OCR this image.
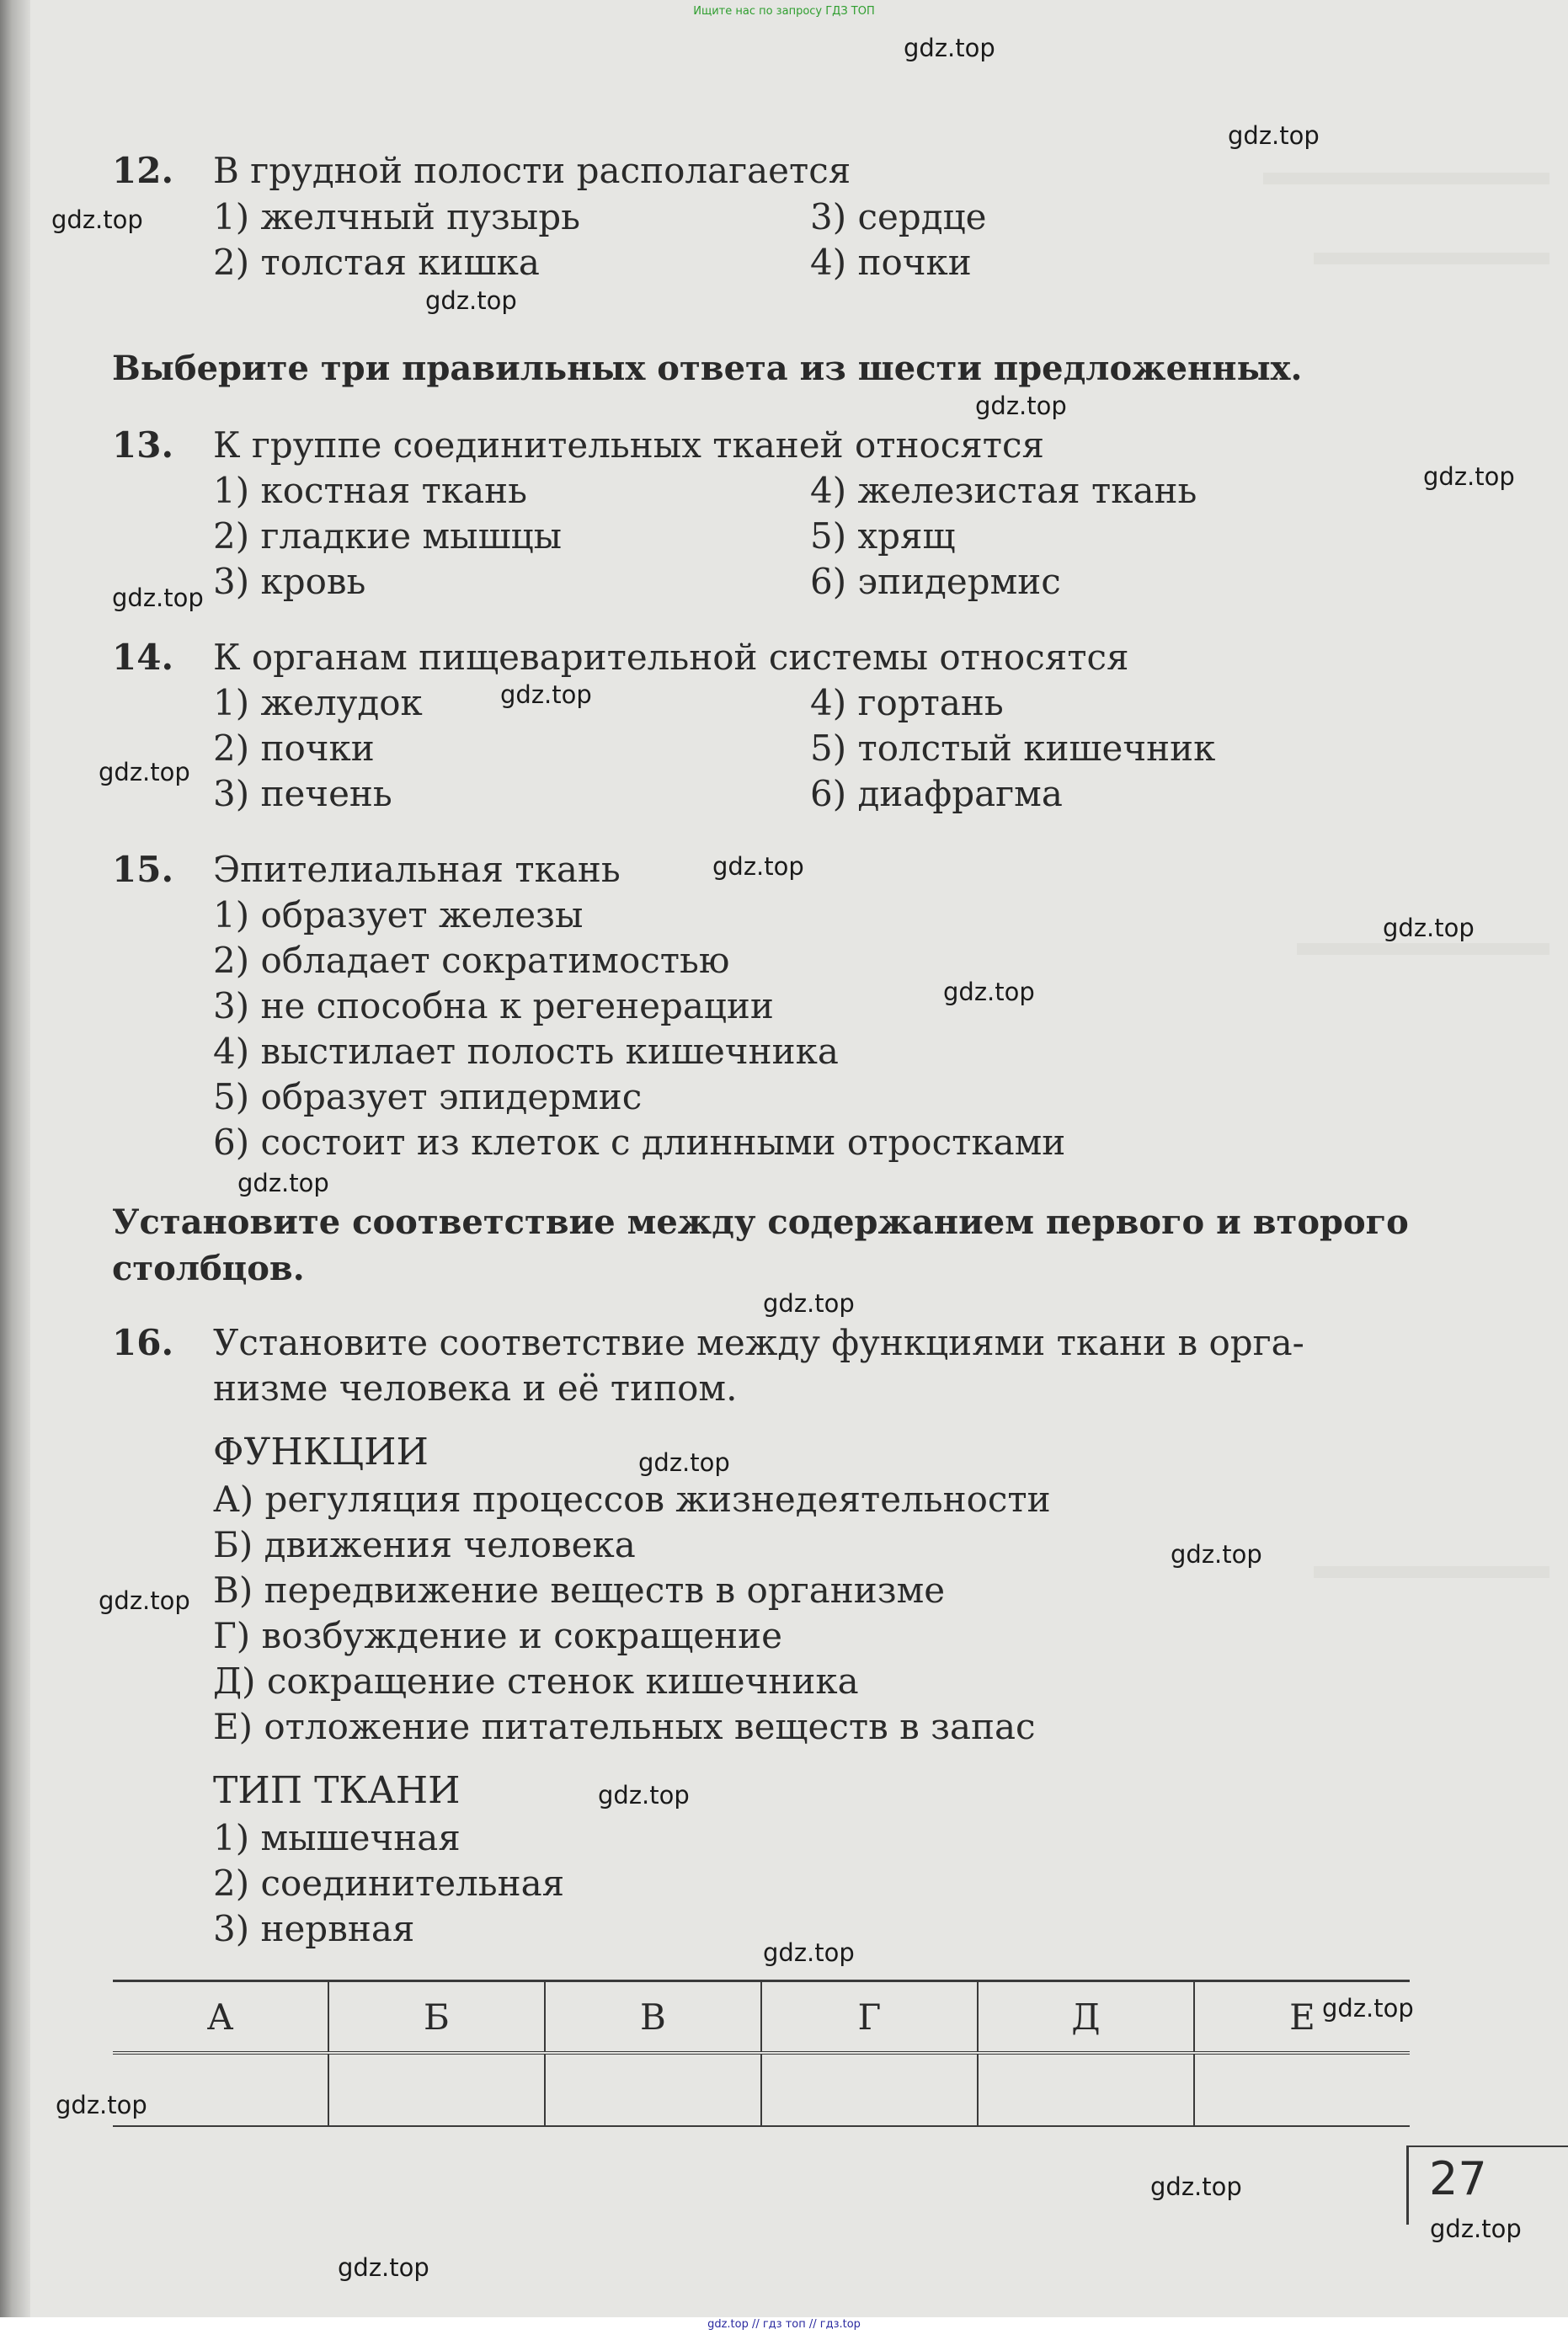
Ищите нас по запросу ГДЗ ТОП
12. В грудной полости располагается
1) желчный пузырь
2) толстая кишка
3) сердце
4) почки
Выберите три правильных ответа из шести предложенных.
13. К группе соединительных тканей относятся
1) костная ткань
2) гладкие мышцы
3) кровь
4) железистая ткань
5) хрящ
6) эпидермис
14. К органам пищеварительной системы относятся
1) желудок
2) почки
3) печень
4) гортань
5) толстый кишечник
6) диафрагма
15. Эпителиальная ткань
1) образует железы
2) обладает сократимостью
3) не способна к регенерации
4) выстилает полость кишечника
5) образует эпидермис
6) состоит из клеток с длинными отростками
Установите соответствие между содержанием первого и второго
столбцов.
16. Установите соответствие между функциями ткани в орга-
низме человека и её типом.
ФУНКЦИИ
А) регуляция процессов жизнедеятельности
Б) движения человека
В) передвижение веществ в организме
Г) возбуждение и сокращение
Д) сокращение стенок кишечника
Е) отложение питательных веществ в запас
ТИП ТКАНИ
1) мышечная
2) соединительная
3) нервная
А	Б	В	Г	Д	Е

27
gdz.top
gdz.top
gdz.top
gdz.top
gdz.top
gdz.top
gdz.top
gdz.top
gdz.top
gdz.top
gdz.top
gdz.top
gdz.top
gdz.top
gdz.top
gdz.top
gdz.top
gdz.top
gdz.top
gdz.top
gdz.top
gdz.top
gdz.top
gdz.top
gdz.top // гдз топ // гдз.top
